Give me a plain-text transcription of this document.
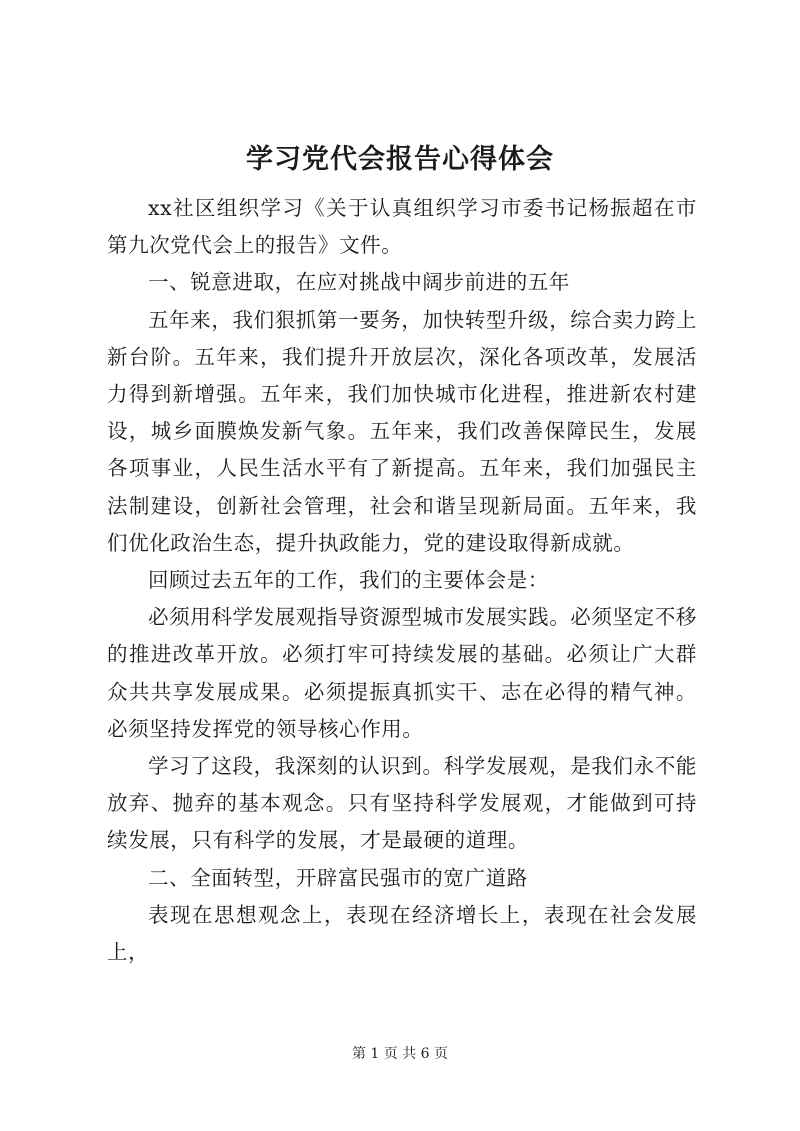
学习党代会报告心得体会

xx社区组织学习《关于认真组织学习市委书记杨振超在市第九次党代会上的报告》文件。

一、锐意进取，在应对挑战中阔步前进的五年

五年来，我们狠抓第一要务，加快转型升级，综合卖力跨上新台阶。五年来，我们提升开放层次，深化各项改革，发展活力得到新增强。五年来，我们加快城市化进程，推进新农村建设，城乡面膜焕发新气象。五年来，我们改善保障民生，发展各项事业，人民生活水平有了新提高。五年来，我们加强民主法制建设，创新社会管理，社会和谐呈现新局面。五年来，我们优化政治生态，提升执政能力，党的建设取得新成就。

回顾过去五年的工作，我们的主要体会是：

必须用科学发展观指导资源型城市发展实践。必须坚定不移的推进改革开放。必须打牢可持续发展的基础。必须让广大群众共共享发展成果。必须提振真抓实干、志在必得的精气神。必须坚持发挥党的领导核心作用。

学习了这段，我深刻的认识到。科学发展观，是我们永不能放弃、抛弃的基本观念。只有坚持科学发展观，才能做到可持续发展，只有科学的发展，才是最硬的道理。

二、全面转型，开辟富民强市的宽广道路

表现在思想观念上，表现在经济增长上，表现在社会发展上，

第 1 页 共 6 页
